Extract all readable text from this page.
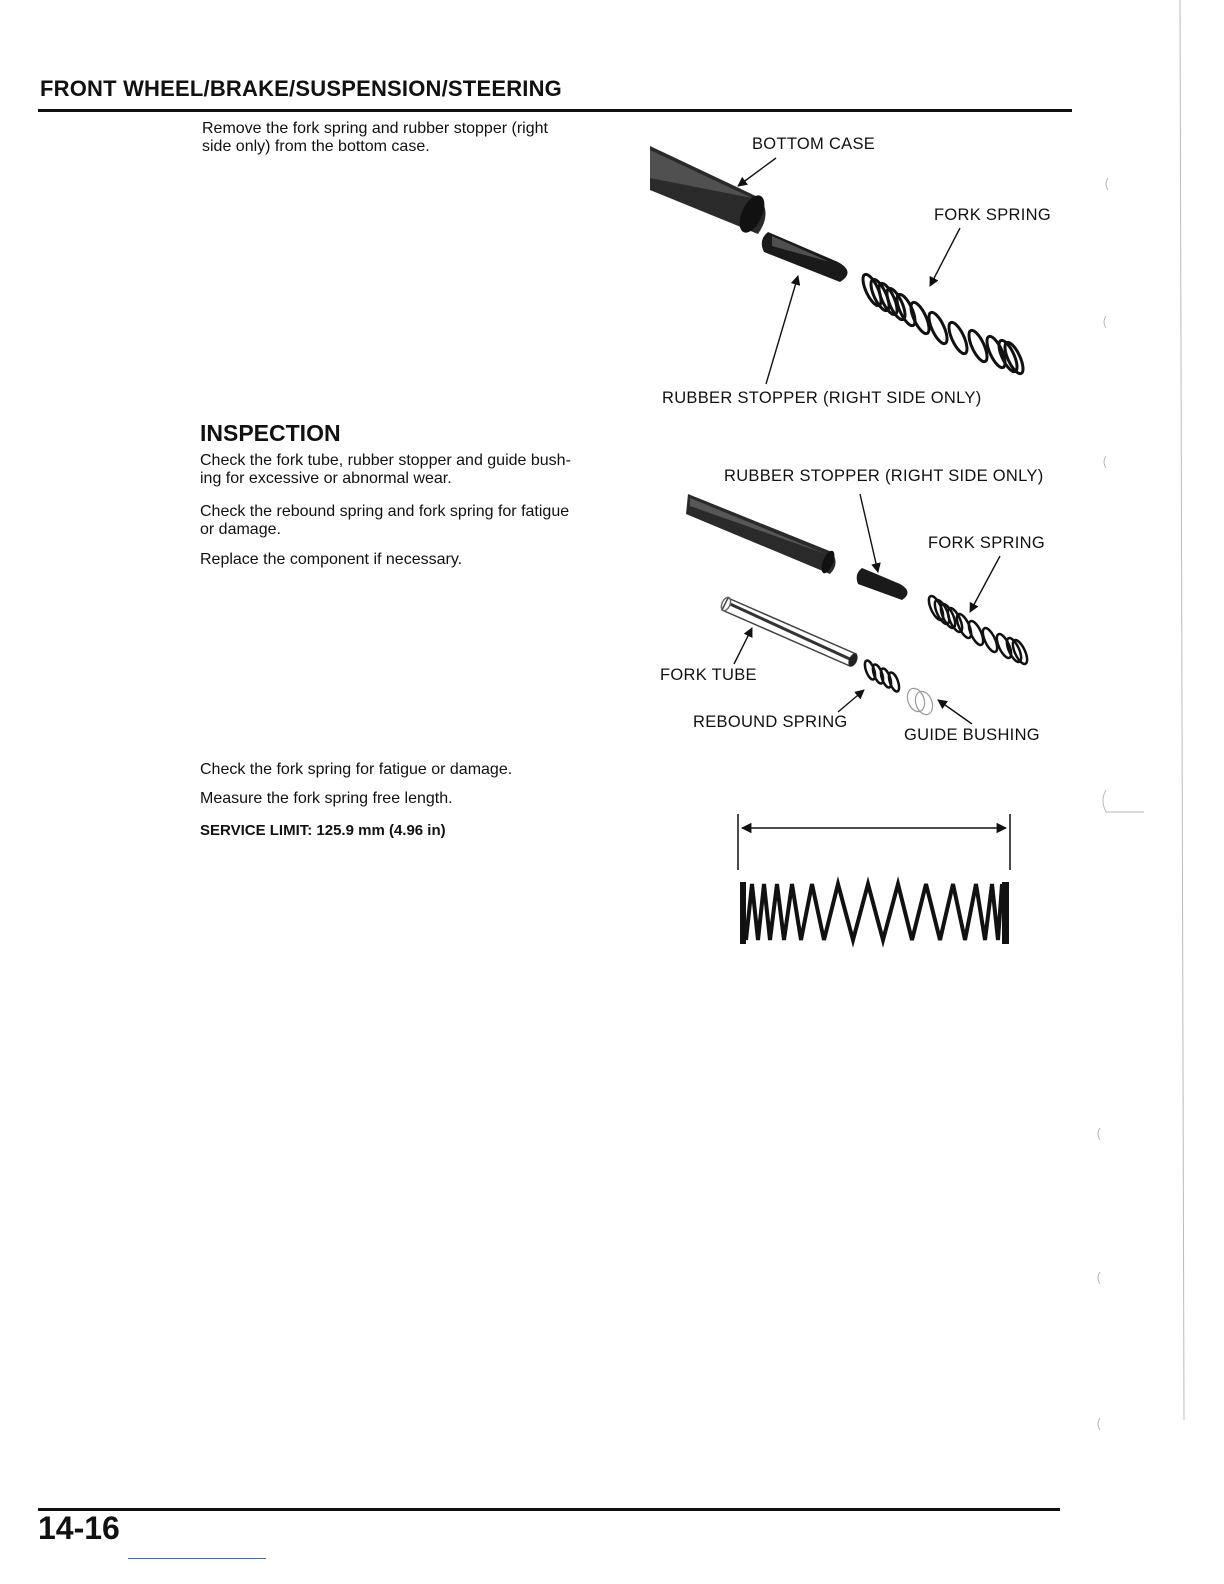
FRONT WHEEL/BRAKE/SUSPENSION/STEERING
Remove the fork spring and rubber stopper (right
side only) from the bottom case.
INSPECTION
Check the fork tube, rubber stopper and guide bush-
ing for excessive or abnormal wear.
Check the rebound spring and fork spring for fatigue
or damage.
Replace the component if necessary.
Check the fork spring for fatigue or damage.
Measure the fork spring free length.
SERVICE LIMIT: 125.9 mm (4.96 in)
BOTTOM CASE
FORK SPRING
RUBBER STOPPER (RIGHT SIDE ONLY)
RUBBER STOPPER (RIGHT SIDE ONLY)
FORK SPRING
FORK TUBE
REBOUND SPRING
GUIDE BUSHING
14-16
